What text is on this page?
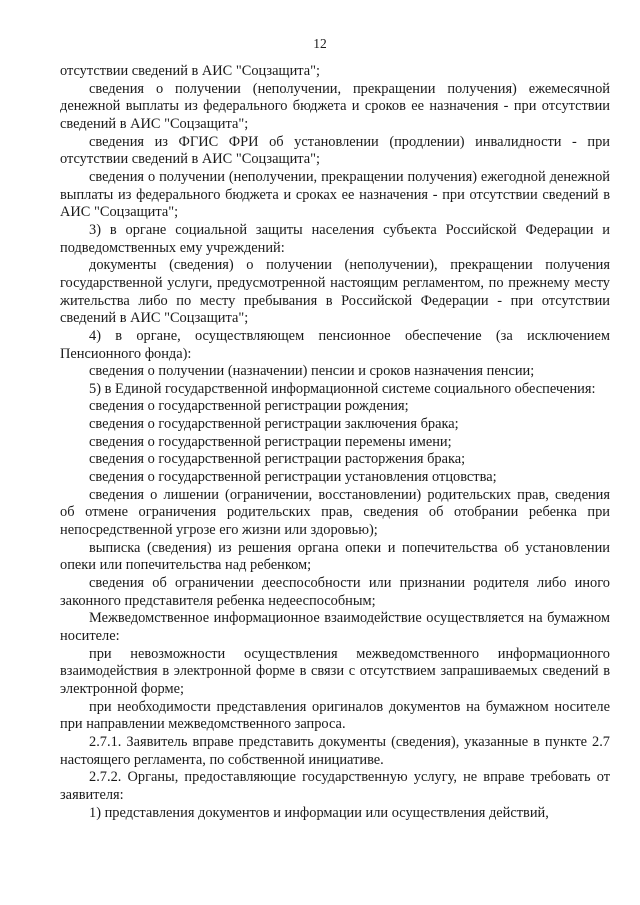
12

отсутствии сведений в АИС "Соцзащита";

сведения о получении (неполучении, прекращении получения) ежемесячной денежной выплаты из федерального бюджета и сроков ее назначения - при отсутствии сведений в АИС "Соцзащита";

сведения из ФГИС ФРИ об установлении (продлении) инвалидности - при отсутствии сведений в АИС "Соцзащита";

сведения о получении (неполучении, прекращении получения) ежегодной денежной выплаты из федерального бюджета и сроках ее назначения - при отсутствии сведений в АИС "Соцзащита";

3) в органе социальной защиты населения субъекта Российской Федерации и подведомственных ему учреждений:

документы (сведения) о получении (неполучении), прекращении получения государственной услуги, предусмотренной настоящим регламентом, по прежнему месту жительства либо по месту пребывания в Российской Федерации - при отсутствии сведений в АИС "Соцзащита";

4) в органе, осуществляющем пенсионное обеспечение (за исключением Пенсионного фонда):

сведения о получении (назначении) пенсии и сроков назначения пенсии;

5) в Единой государственной информационной системе социального обеспечения:

сведения о государственной регистрации рождения;

сведения о государственной регистрации заключения брака;

сведения о государственной регистрации перемены имени;

сведения о государственной регистрации расторжения брака;

сведения о государственной регистрации установления отцовства;

сведения о лишении (ограничении, восстановлении) родительских прав, сведения об отмене ограничения родительских прав, сведения об отобрании ребенка при непосредственной угрозе его жизни или здоровью);

выписка (сведения) из решения органа опеки и попечительства об установлении опеки или попечительства над ребенком;

сведения об ограничении дееспособности или признании родителя либо иного законного представителя ребенка недееспособным;

Межведомственное информационное взаимодействие осуществляется на бумажном носителе:

при невозможности осуществления межведомственного информационного взаимодействия в электронной форме в связи с отсутствием запрашиваемых сведений в электронной форме;

при необходимости представления оригиналов документов на бумажном носителе при направлении межведомственного запроса.

2.7.1. Заявитель вправе представить документы (сведения), указанные в пункте 2.7 настоящего регламента, по собственной инициативе.

2.7.2. Органы, предоставляющие государственную услугу, не вправе требовать от заявителя:

1) представления документов и информации или осуществления действий,
